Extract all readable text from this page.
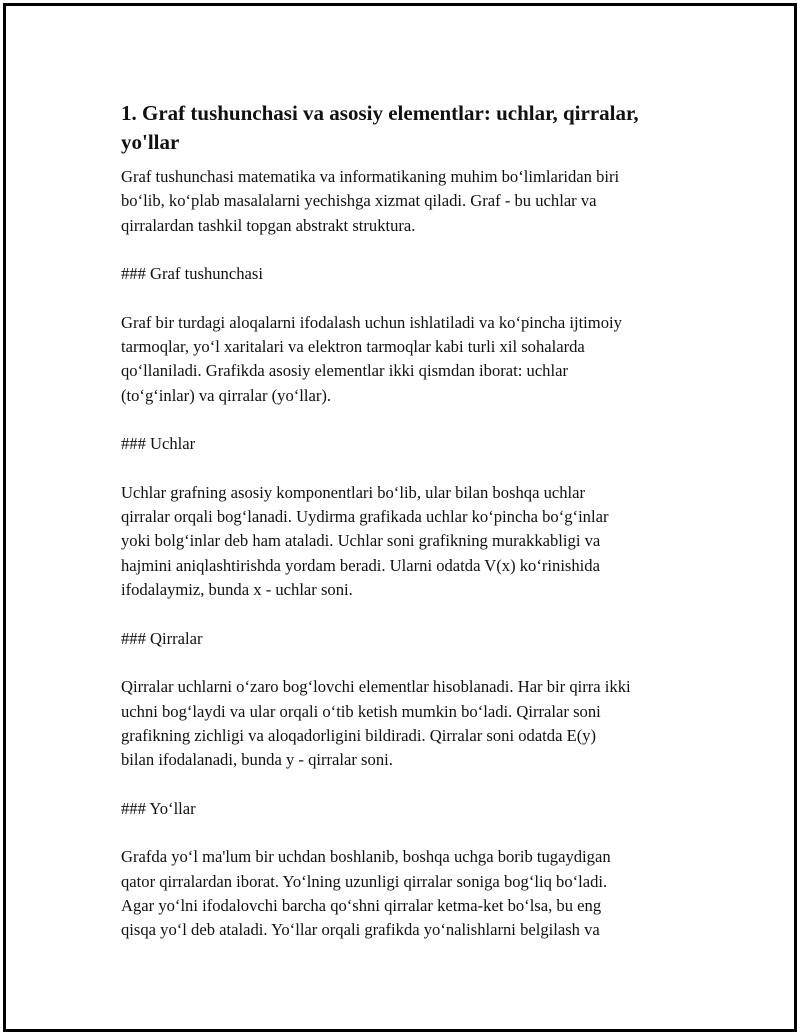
1. Graf tushunchasi va asosiy elementlar: uchlar, qirralar,
yo'llar

Graf tushunchasi matematika va informatikaning muhim bo‘limlaridan biri
bo‘lib, ko‘plab masalalarni yechishga xizmat qiladi. Graf - bu uchlar va
qirralardan tashkil topgan abstrakt struktura.

### Graf tushunchasi

Graf bir turdagi aloqalarni ifodalash uchun ishlatiladi va ko‘pincha ijtimoiy
tarmoqlar, yo‘l xaritalari va elektron tarmoqlar kabi turli xil sohalarda
qo‘llaniladi. Grafikda asosiy elementlar ikki qismdan iborat: uchlar
(to‘g‘inlar) va qirralar (yo‘llar).

### Uchlar

Uchlar grafning asosiy komponentlari bo‘lib, ular bilan boshqa uchlar
qirralar orqali bog‘lanadi. Uydirma grafikada uchlar ko‘pincha bo‘g‘inlar
yoki bolg‘inlar deb ham ataladi. Uchlar soni grafikning murakkabligi va
hajmini aniqlashtirishda yordam beradi. Ularni odatda V(x) ko‘rinishida
ifodalaymiz, bunda x - uchlar soni.

### Qirralar

Qirralar uchlarni o‘zaro bog‘lovchi elementlar hisoblanadi. Har bir qirra ikki
uchni bog‘laydi va ular orqali o‘tib ketish mumkin bo‘ladi. Qirralar soni
grafikning zichligi va aloqadorligini bildiradi. Qirralar soni odatda E(y)
bilan ifodalanadi, bunda y - qirralar soni.

### Yo‘llar

Grafda yo‘l ma'lum bir uchdan boshlanib, boshqa uchga borib tugaydigan
qator qirralardan iborat. Yo‘lning uzunligi qirralar soniga bog‘liq bo‘ladi.
Agar yo‘lni ifodalovchi barcha qo‘shni qirralar ketma-ket bo‘lsa, bu eng
qisqa yo‘l deb ataladi. Yo‘llar orqali grafikda yo‘nalishlarni belgilash va
